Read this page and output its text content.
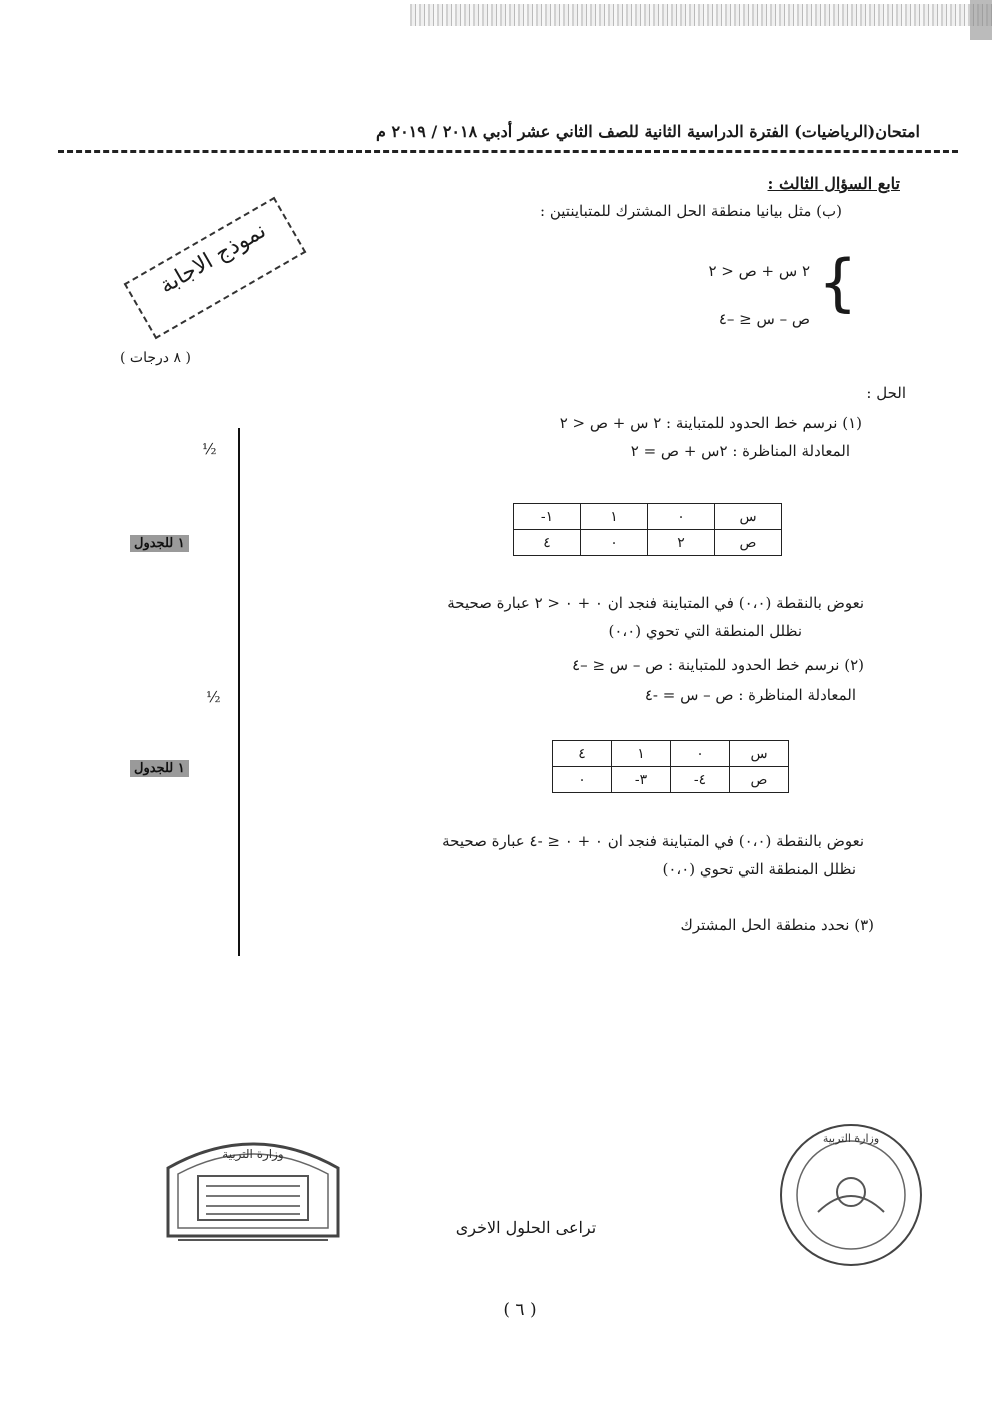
امتحان(الرياضيات) الفترة الدراسية الثانية للصف الثاني عشر أدبي ٢٠١٨ / ٢٠١٩ م
تابع السؤال الثالث :
(ب) مثل بيانيا منطقة الحل المشترك للمتباينتين :
{
٢ س + ص < ٢
ص – س ≤ –٤
نموذج الاجابة
( ٨ درجات )
الحل :
(١) نرسم خط الحدود للمتباينة : ٢ س + ص < ٢
المعادلة المناظرة : ٢س + ص = ٢
س	٠	١	١-
ص	٢	٠	٤
نعوض بالنقطة (٠،٠) في المتباينة فنجد ان ٠ + ٠ < ٢ عبارة صحيحة
نظلل المنطقة التي تحوي (٠،٠)
(٢) نرسم خط الحدود للمتباينة : ص – س ≤ –٤
المعادلة المناظرة : ص – س = -٤
س	٠	١	٤
ص	٤-	٣-	٠
نعوض بالنقطة (٠،٠) في المتباينة فنجد ان ٠ + ٠ ≤ -٤ عبارة صحيحة
نظلل المنطقة التي تحوي (٠،٠)
(٣) نحدد منطقة الحل المشترك
½
١ للجدول
½
١ للجدول
وزارة التربية
وزارة التربية
تراعى الحلول الاخرى
( ٦ )
